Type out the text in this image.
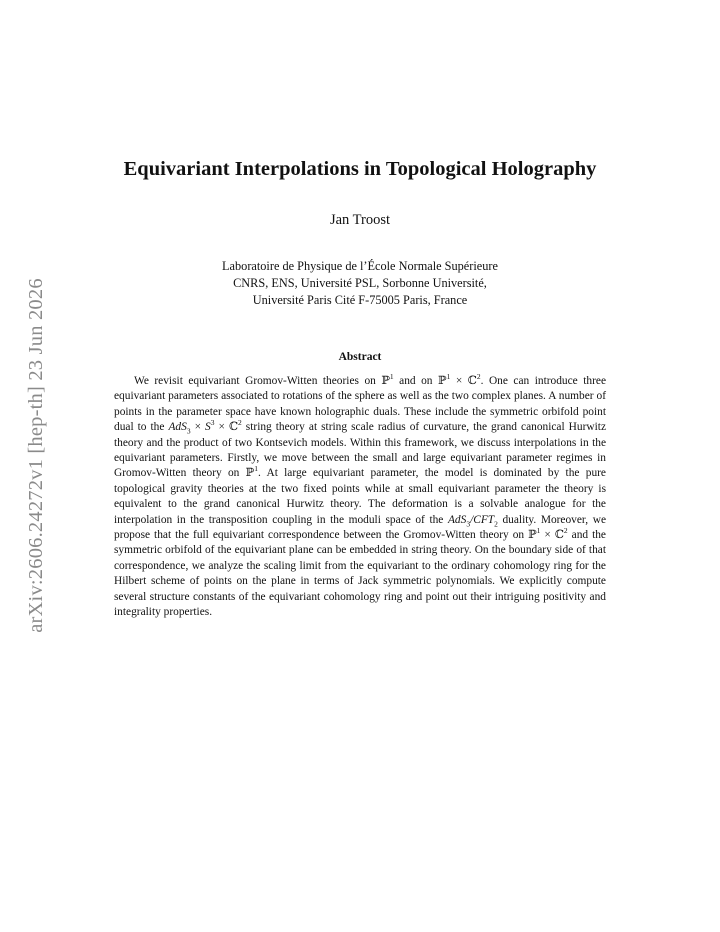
arXiv:2606.24272v1 [hep-th] 23 Jun 2026
Equivariant Interpolations in Topological Holography
Jan Troost
Laboratoire de Physique de l’École Normale Supérieure
CNRS, ENS, Université PSL, Sorbonne Université,
Université Paris Cité F-75005 Paris, France
Abstract
We revisit equivariant Gromov-Witten theories on ℙ$^1$ and on ℙ$^1$ × ℂ$^2$. One can introduce three equivariant parameters associated to rotations of the sphere as well as the two complex planes. A number of points in the parameter space have known holographic duals. These include the symmetric orbifold point dual to the $AdS_3 \times S^3$ × ℂ$^2$ string theory at string scale radius of curvature, the grand canonical Hurwitz theory and the product of two Kontsevich models. Within this framework, we discuss interpolations in the equivariant parameters. Firstly, we move between the small and large equivariant parameter regimes in Gromov-Witten theory on ℙ$^1$. At large equivariant parameter, the model is dominated by the pure topological gravity theories at the two fixed points while at small equivariant parameter the theory is equivalent to the grand canonical Hurwitz theory. The deformation is a solvable analogue for the interpolation in the transposition coupling in the moduli space of the $AdS_3/CFT_2$ duality. Moreover, we propose that the full equivariant correspondence between the Gromov-Witten theory on ℙ$^1$ × ℂ$^2$ and the symmetric orbifold of the equivariant plane can be embedded in string theory. On the boundary side of that correspondence, we analyze the scaling limit from the equivariant to the ordinary cohomology ring for the Hilbert scheme of points on the plane in terms of Jack symmetric polynomials. We explicitly compute several structure constants of the equivariant cohomology ring and point out their intriguing positivity and integrality properties.
